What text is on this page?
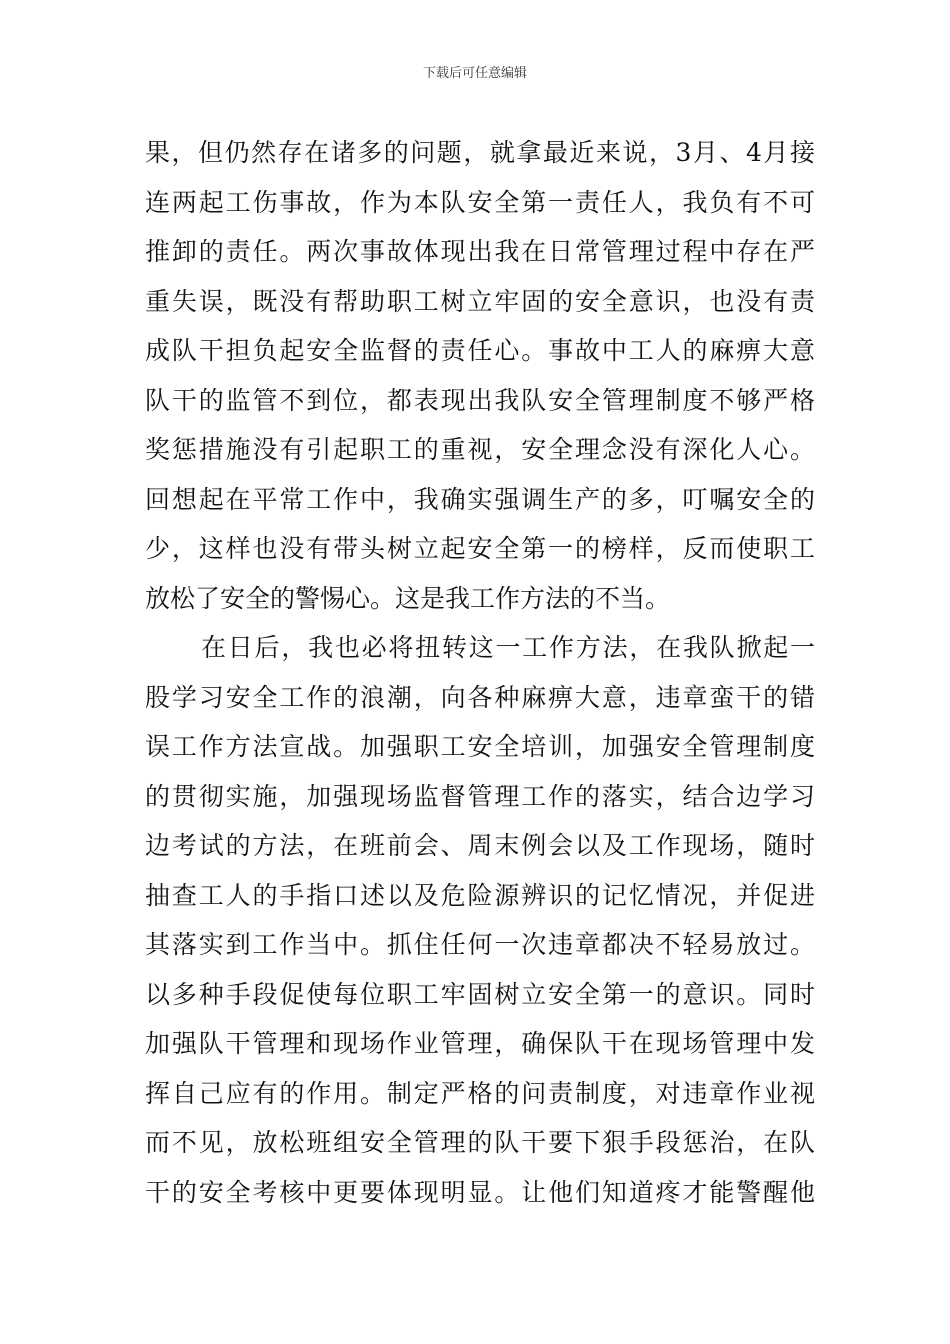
下载后可任意编辑
果，但仍然存在诸多的问题，就拿最近来说，3月、4月接
连两起工伤事故，作为本队安全第一责任人，我负有不可
推卸的责任。两次事故体现出我在日常管理过程中存在严
重失误，既没有帮助职工树立牢固的安全意识，也没有责
成队干担负起安全监督的责任心。事故中工人的麻痹大意
队干的监管不到位，都表现出我队安全管理制度不够严格
奖惩措施没有引起职工的重视，安全理念没有深化人心。
回想起在平常工作中，我确实强调生产的多，叮嘱安全的
少，这样也没有带头树立起安全第一的榜样，反而使职工
放松了安全的警惕心。这是我工作方法的不当。
在日后，我也必将扭转这一工作方法，在我队掀起一
股学习安全工作的浪潮，向各种麻痹大意，违章蛮干的错
误工作方法宣战。加强职工安全培训，加强安全管理制度
的贯彻实施，加强现场监督管理工作的落实，结合边学习
边考试的方法，在班前会、周末例会以及工作现场，随时
抽查工人的手指口述以及危险源辨识的记忆情况，并促进
其落实到工作当中。抓住任何一次违章都决不轻易放过。
以多种手段促使每位职工牢固树立安全第一的意识。同时
加强队干管理和现场作业管理，确保队干在现场管理中发
挥自己应有的作用。制定严格的问责制度，对违章作业视
而不见，放松班组安全管理的队干要下狠手段惩治，在队
干的安全考核中更要体现明显。让他们知道疼才能警醒他
